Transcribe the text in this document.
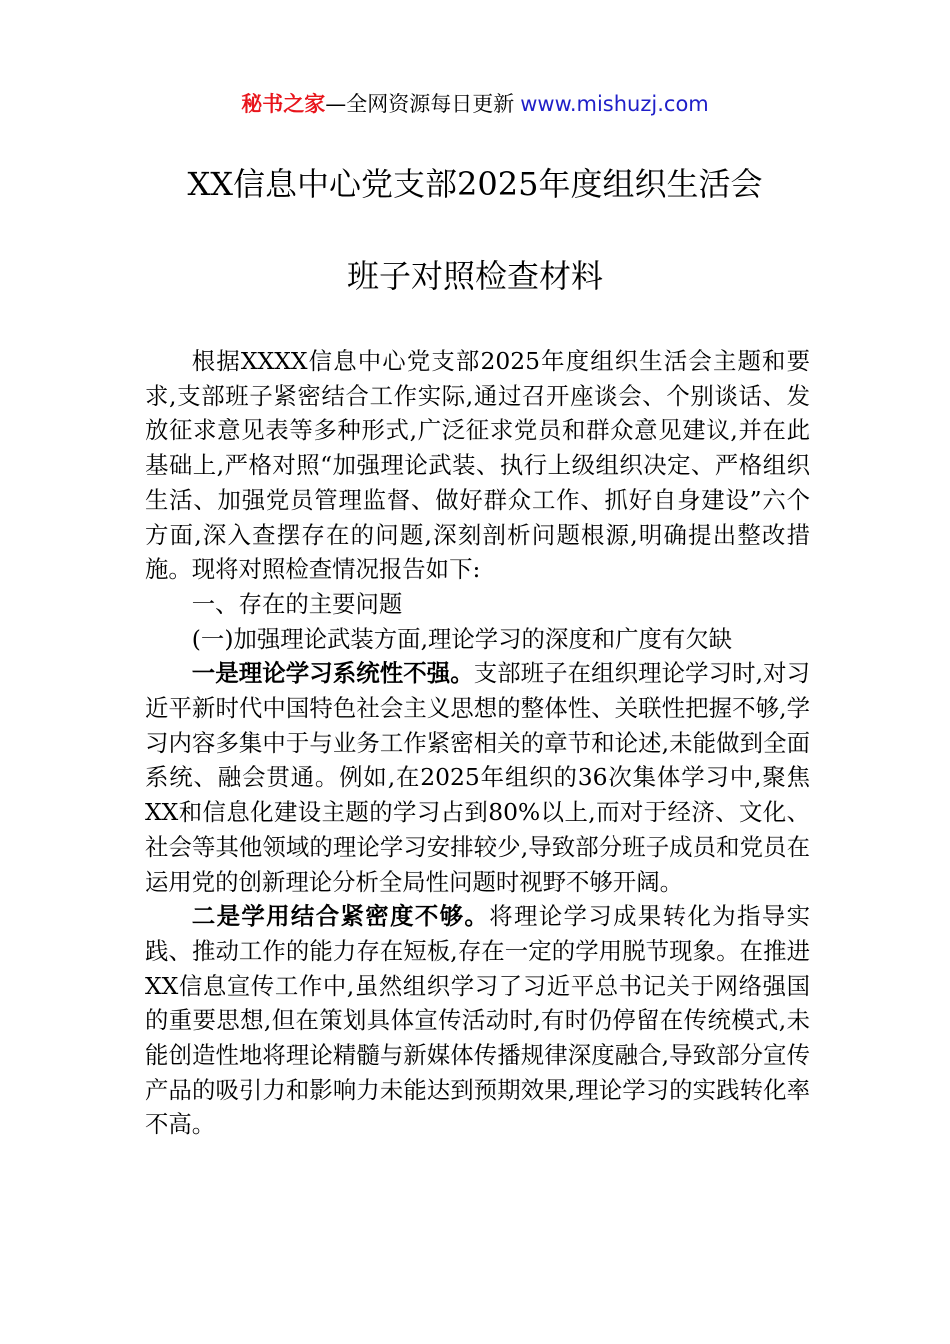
秘书之家—全网资源每日更新 www.mishuzj.com
XX信息中心党支部2025年度组织生活会
班子对照检查材料

根据XXXX信息中心党支部2025年度组织生活会主题和要求,支部班子紧密结合工作实际,通过召开座谈会、个别谈话、发放征求意见表等多种形式,广泛征求党员和群众意见建议,并在此基础上,严格对照“加强理论武装、执行上级组织决定、严格组织生活、加强党员管理监督、做好群众工作、抓好自身建设”六个方面,深入查摆存在的问题,深刻剖析问题根源,明确提出整改措施。现将对照检查情况报告如下:

一、存在的主要问题

(一)加强理论武装方面,理论学习的深度和广度有欠缺

一是理论学习系统性不强。支部班子在组织理论学习时,对习近平新时代中国特色社会主义思想的整体性、关联性把握不够,学习内容多集中于与业务工作紧密相关的章节和论述,未能做到全面系统、融会贯通。例如,在2025年组织的36次集体学习中,聚焦XX和信息化建设主题的学习占到80%以上,而对于经济、文化、社会等其他领域的理论学习安排较少,导致部分班子成员和党员在运用党的创新理论分析全局性问题时视野不够开阔。

二是学用结合紧密度不够。将理论学习成果转化为指导实践、推动工作的能力存在短板,存在一定的学用脱节现象。在推进XX信息宣传工作中,虽然组织学习了习近平总书记关于网络强国的重要思想,但在策划具体宣传活动时,有时仍停留在传统模式,未能创造性地将理论精髓与新媒体传播规律深度融合,导致部分宣传产品的吸引力和影响力未能达到预期效果,理论学习的实践转化率不高。
